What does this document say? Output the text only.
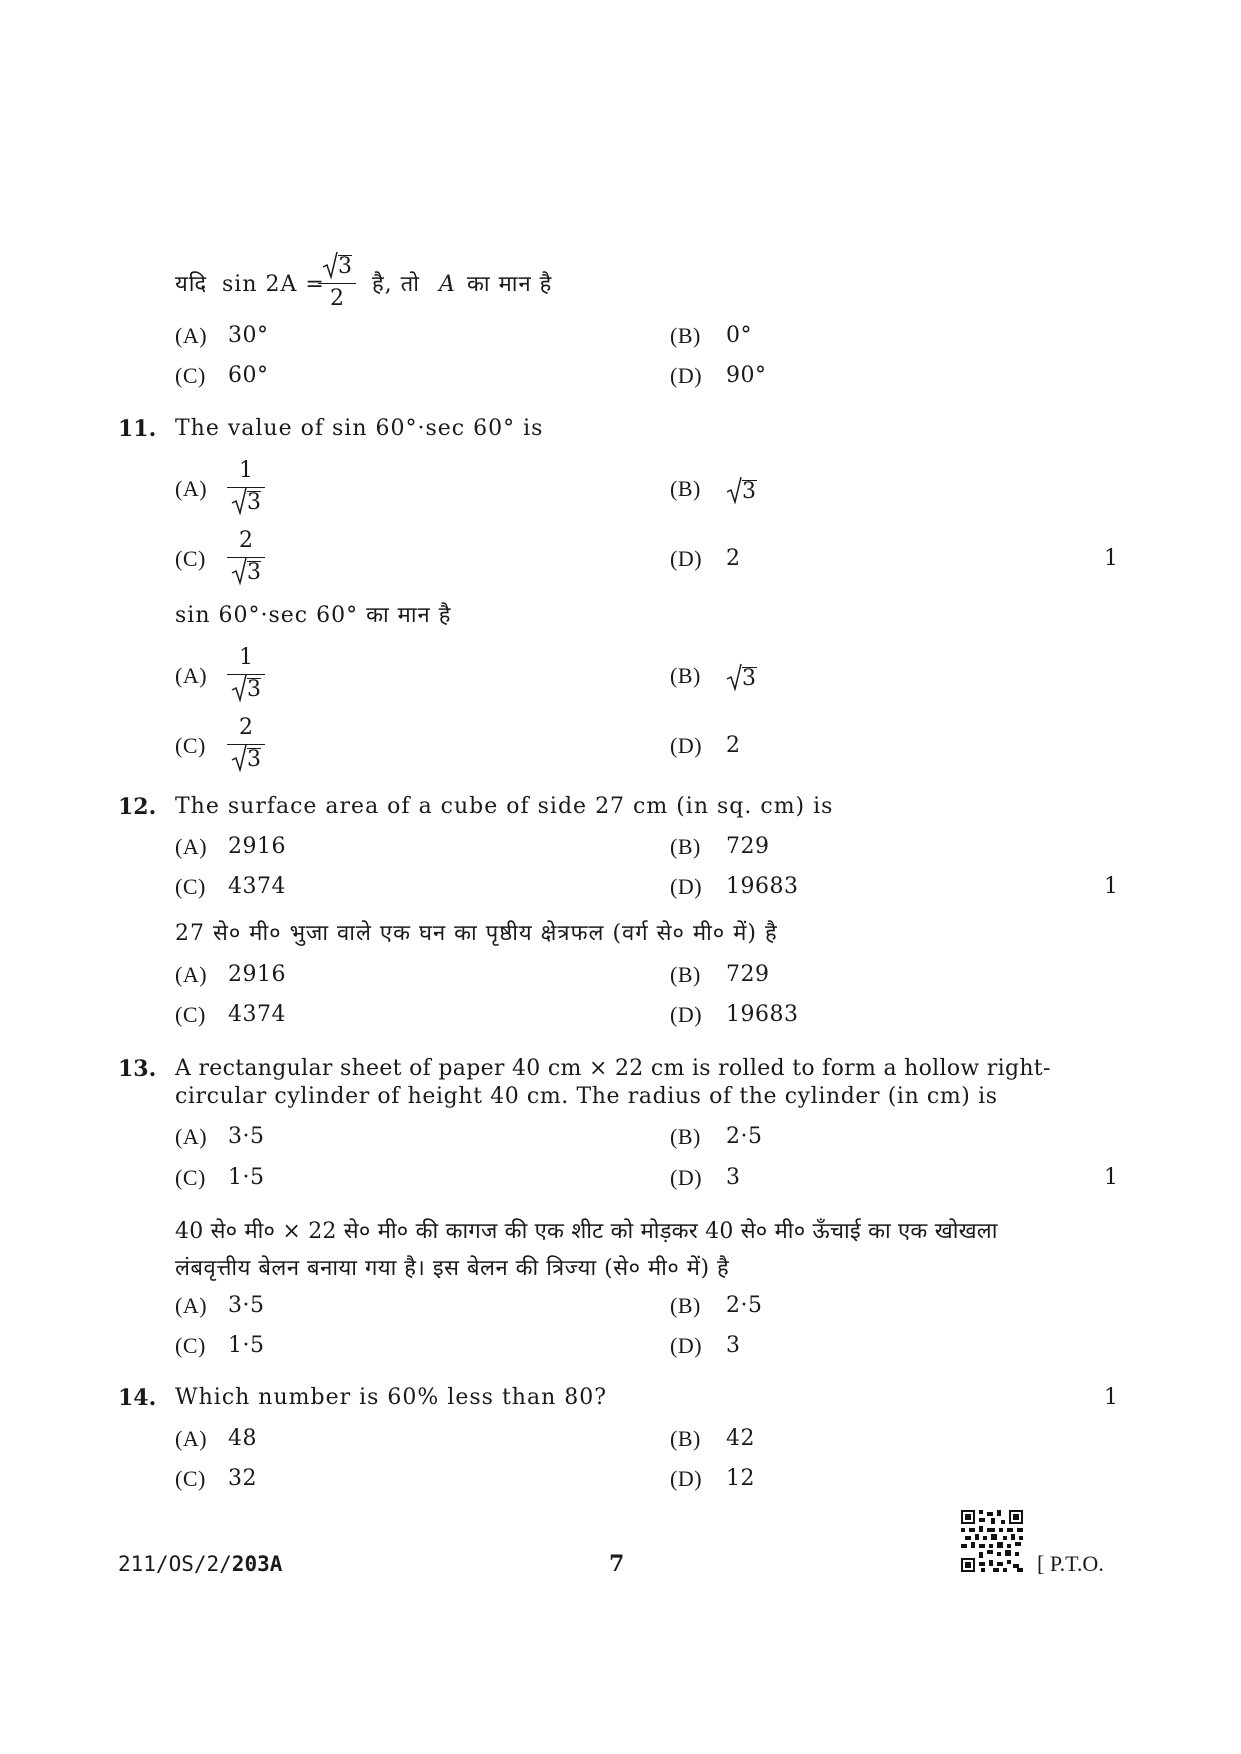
यदि sin 2A =
3
2
है, तो A का मान है
(A) 30°	(B) 0°
(C) 60°	(D) 90°
11. The value of sin 60°·sec 60° is
(A)
1
3
(B)	3
(C)
2
3
(D) 2	1
sin 60°·sec 60° का मान है
(A)
1
3
(B)	3
(C)
2
3
(D) 2
12. The surface area of a cube of side 27 cm (in sq. cm) is
(A) 2916	(B) 729
(C) 4374	(D) 19683	1
27 से० मी० भुजा वाले एक घन का पृष्ठीय क्षेत्रफल (वर्ग से० मी० में) है
(A) 2916	(B) 729
(C) 4374	(D) 19683
13. A rectangular sheet of paper 40 cm × 22 cm is rolled to form a hollow right-
circular cylinder of height 40 cm. The radius of the cylinder (in cm) is
(A) 3·5	(B) 2·5
(C) 1·5	(D) 3	1
40 से० मी० × 22 से० मी० की कागज की एक शीट को मोड़कर 40 से० मी० ऊँचाई का एक खोखला
लंबवृत्तीय बेलन बनाया गया है। इस बेलन की त्रिज्या (से० मी० में) है
(A) 3·5	(B) 2·5
(C) 1·5	(D) 3
14. Which number is 60% less than 80?	1
(A) 48	(B) 42
(C) 32	(D) 12
211/OS/2/203A	7	[ P.T.O.
